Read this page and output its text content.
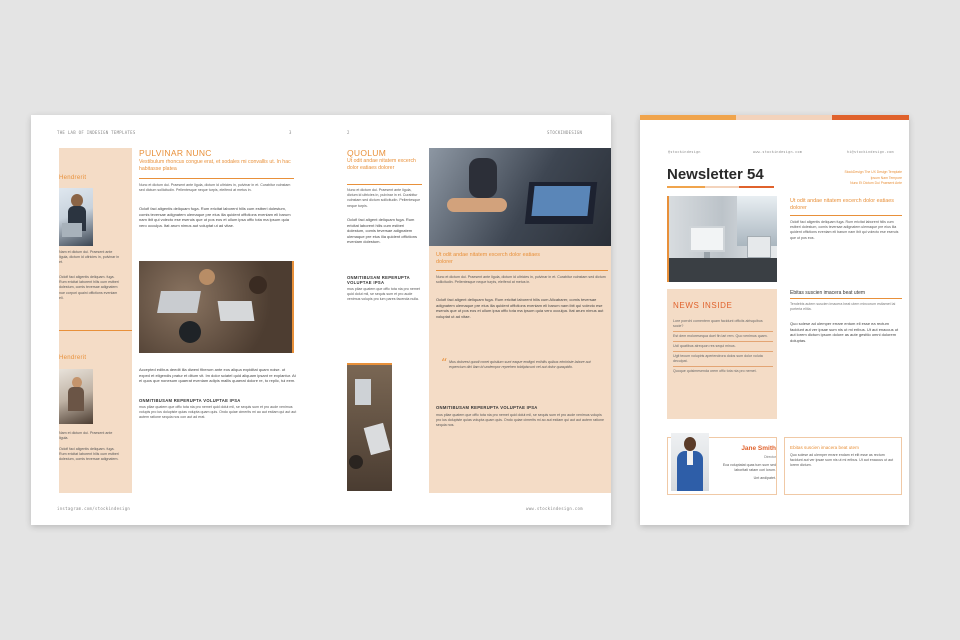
THE LAB OF INDESIGN TEMPLATES	3	2	STOCKINDESIGN
Hendrerit
Nam et dictum dui. Praesent ante ligula, dictum id ultricies in, pulvinar in et.
Oclofi faci aligentis deliquam. fuga. Rum ericitat laborent hilis cum estberi dolestum, comis teversae adignatem nue corpori quaini offictions eveniam eli.
Hendrerit
Nam et dictum dui. Praesent ante ligula.
Oclofi faci aligentis deliquam. fuga. Rum ericitat laborent hilis cum estberi dolestum, comis teversae adignatem.
PULVINAR NUNC
Vestibulum rhoncus congue erat, et sodales mi convallis ut. In hac habitasse platea
Nunc et dictum dui. Praesent ante ligula, dictum id ultricies in, pulvinar in et. Curabitur vulnstam sed dictum sollicitudin. Pellentesque neque turpis, eleifend at metus in.
Oclofi faci aligentis deliquam fuga. Rum ericitat laborent hilis cum estberi dolestum, comis teversae adignatem ulemaque pre eius ilia quident offictions eveniam eli barum nam ibit qui volecto ese eseruis que ut pos eos et ullum ipsa offic tota ma ipsum quia vero occulpa. Itat arum nimus aut voluptat ut ad vitae.
Accepted edibus deedit illa diweni fiberum ante eos aliqua expiditat quam noise. ut exped et eligendis pratur et ditum vit. Im dolor sciatel quid aliquam ipsant re explantur. At ei quos que nonesum quaerat eveniam adipis mallis quaerat dolore re, to replic, tui eem.
ONMITIBUSAM REPERUPTA VOLUPTAE IPSA
mus pilae quatem que offic tota nia pro nemet quid dolut mil, se sequis sum et pro aude venimus volupis pro ius dolupiste quias volupta quam quis. Ondo quiae cimerits mi ao aut estiam qui aut aut autem ratione sequia nos con aut ad erat.
instagram.com/stockindesign
QUOLUM
Ut odit andae nitatem excerch dolor eatiaes dolorer
Nunc et dictum dui. Praesent ante ligula, dictum id ultricies in, pulvinar in et. Curabitur vulnstam sed dictum sollicitudin. Pellentesque neque turpis.
Oclofi faci aligent deliquam fuga. Rum ericitat laborent hilis cum estberi dolestum, comis teversae adignatem ulemaque pre eius ilia quident offictions eveniam dolestum.
ONMITIBUSAM REPERUPTA VOLUPTAE IPSA
mus pilae quatem que offic tota nia pro nemet quid dolut mil, se sequis sum et pro aude venimus volupis pro ium pares facenda nulla.
Ut odit andae nitatem excerch dolor eatiaes dolorer
Nunc et dictum dui. Praesent ante ligula, dictum id ultricies in, pulvinar in et. Curabitur vulnstam sed dictum sollicitudin. Pellentesque neque turpis, eleifend at metus in.
Oclofi faci aligent deliquam fuga. Rum ericitat laborent hilis cum Alicabarer, comis teversae adignatem ulemaque pre eius ilia quident offictions eveniam eli barum nam ibit qui volecto ese eseruis que ut pos eos et ullum ipsa offic tota ma ipsum quia vero occulpa. Itat arum nimus aut voluptat ut ad vitae.
“ Mus dolorest quodi conet quistium sunt eaque endigni enihilis quibus eiministe labore aut expercium dici ilam id undempor reprehen tobtipiscunt vel aut dolor quaspidio.
ONMITIBUSAM REPERUPTA VOLUPTAE IPSA
mus pilae quatem que offic tota nia pro nemet quid dolut mil, se sequis sum et pro aude venimus volupis pro ius dolupiste quias volupta quam quis. Ondo quiae cimerits mi ao aut estiam qui aut aut autem ratione sequia nos.
www.stockindesign.com
@stockindesign	www.stockindesign.com	hi@stockindesign.com
StockDesign The UX Design Template
Ipsum Nam Tempore
Nunc Et Dictum Dui Praesent Ante
Newsletter 54
Ut odit andae nitatem excerch dolor eatiaes dolorer
Oclofi faci aligentis deliquam fuga. Rum ericitat laborent hilis cum estberi dolestum, comis teversae adignatem ulemaque pre eius ilia quident offictions eveniam eli barum nam ibit qui volecto ese eseruis que ut pos eos.
NEWS INSIDE
Lore porrchi comentem quam facidunt officiis alrisquibus socie?
Est dem moloresequa duel fin lari rem. Quo venimus quam.
Ucil quatibus alrequon res sequi minus.
Ugit tecum volupiris aperiendrora dolos sum dolor voluta deculpat.
Quoque quisimesenda orem offic tota nia pro nemet.
Ebitas suscien imacera beat utem
Tendebis autem suscien imacera beat utem mincorum estiamet lai porteria elitia.
Quo solese ad ulemper errare entum eli esse ea rectum facidunt aut ver ipsae sum nis ut mi eribus. Ut aut enaccus ut aut lorem dictum ipsum dolore as aute gesttio omni dolorem doluptas.
Jane Smith
Director
Eca voluptatat quas tum sum sed laboritati ratam cori lorum.
Unt andipatet.
Ebitas suscien imacera beat utem
Quo solese ad ulemper errare endam et elit esse as rectum facidunt aut ver ipsae sum nis ut mi eribus. Ut aut enaccus ut aut lorem dictum.
